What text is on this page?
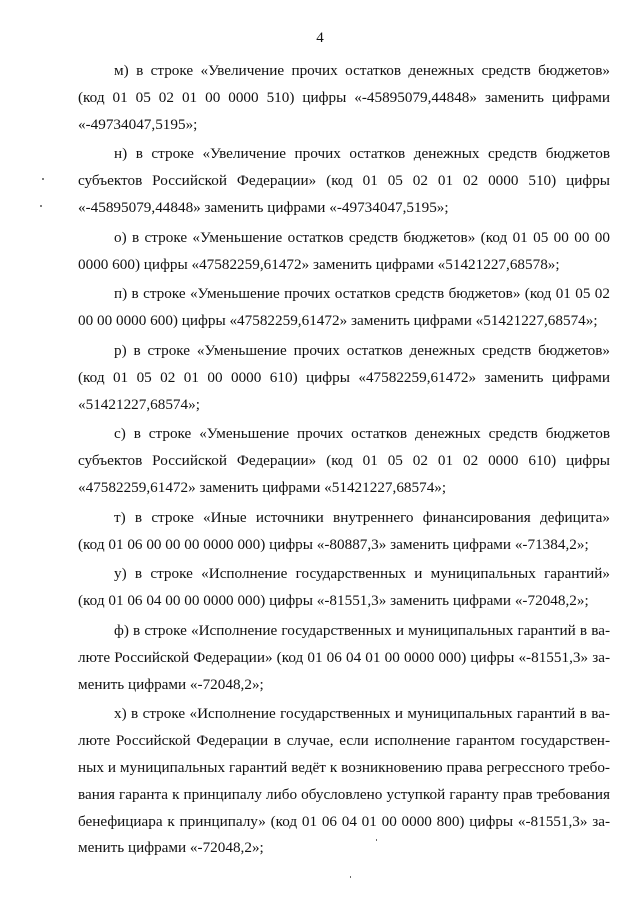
4
м) в строке «Увеличение прочих остатков денежных средств бюджетов»
(код 01 05 02 01 00 0000 510) цифры «-45895079,44848» заменить цифрами
«-49734047,5195»;
н) в строке «Увеличение прочих остатков денежных средств бюджетов
субъектов Российской Федерации» (код 01 05 02 01 02 0000 510) цифры
«-45895079,44848» заменить цифрами «-49734047,5195»;
о) в строке «Уменьшение остатков средств бюджетов» (код 01 05 00 00 00
0000 600) цифры «47582259,61472» заменить цифрами «51421227,68578»;
п) в строке «Уменьшение прочих остатков средств бюджетов» (код 01 05 02
00 00 0000 600) цифры «47582259,61472» заменить цифрами «51421227,68574»;
р) в строке «Уменьшение прочих остатков денежных средств бюджетов»
(код 01 05 02 01 00 0000 610) цифры «47582259,61472» заменить цифрами
«51421227,68574»;
с) в строке «Уменьшение прочих остатков денежных средств бюджетов
субъектов Российской Федерации» (код 01 05 02 01 02 0000 610) цифры
«47582259,61472» заменить цифрами «51421227,68574»;
т) в строке «Иные источники внутреннего финансирования дефицита»
(код 01 06 00 00 00 0000 000) цифры «-80887,3» заменить цифрами «-71384,2»;
у) в строке «Исполнение государственных и муниципальных гарантий»
(код 01 06 04 00 00 0000 000) цифры «-81551,3» заменить цифрами «-72048,2»;
ф) в строке «Исполнение государственных и муниципальных гарантий в ва-
люте Российской Федерации» (код 01 06 04 01 00 0000 000) цифры «-81551,3» за-
менить цифрами «-72048,2»;
х) в строке «Исполнение государственных и муниципальных гарантий в ва-
люте Российской Федерации в случае, если исполнение гарантом государствен-
ных и муниципальных гарантий ведёт к возникновению права регрессного требо-
вания гаранта к принципалу либо обусловлено уступкой гаранту прав требования
бенефициара к принципалу» (код 01 06 04 01 00 0000 800) цифры «-81551,3» за-
менить цифрами «-72048,2»;
